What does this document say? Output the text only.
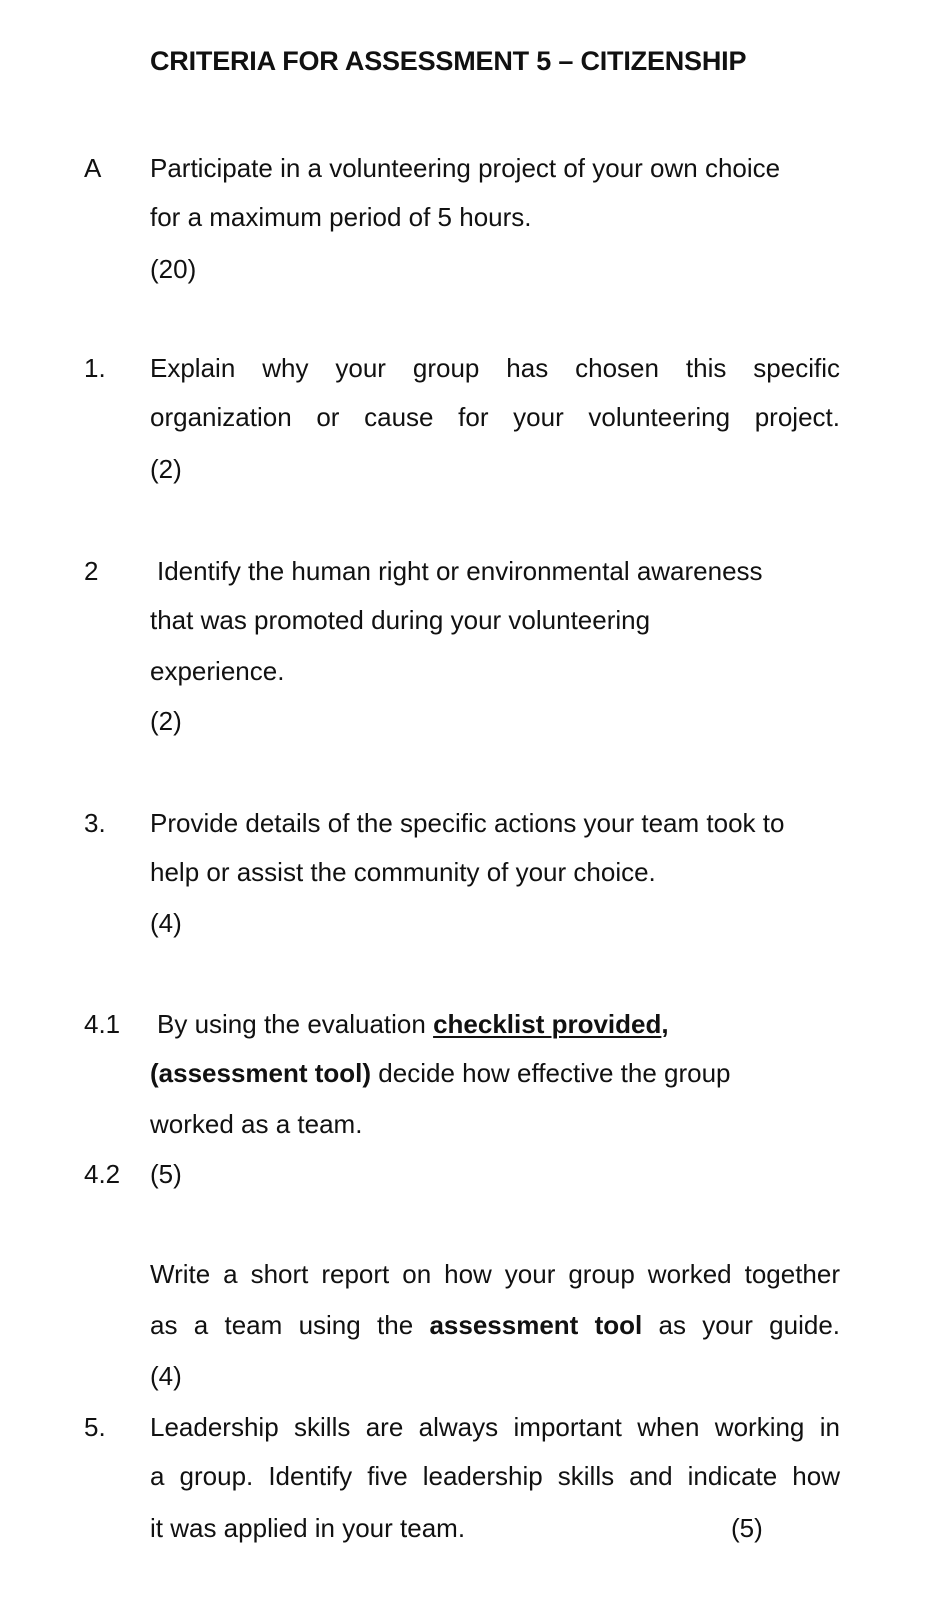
CRITERIA FOR ASSESSMENT 5 – CITIZENSHIP
A Participate in a volunteering project of your own choice
for a maximum period of 5 hours.
(20)
1. Explain why your group has chosen this specific
organization or cause for your volunteering project.
(2)
2 Identify the human right or environmental awareness
that was promoted during your volunteering
experience.
(2)
3. Provide details of the specific actions your team took to
help or assist the community of your choice.
(4)
4.1 By using the evaluation checklist provided,
(assessment tool) decide how effective the group
worked as a team.
4.2 (5)
Write a short report on how your group worked together
as a team using the assessment tool as your guide.
(4)
5. Leadership skills are always important when working in
a group. Identify five leadership skills and indicate how
it was applied in your team.	(5)
